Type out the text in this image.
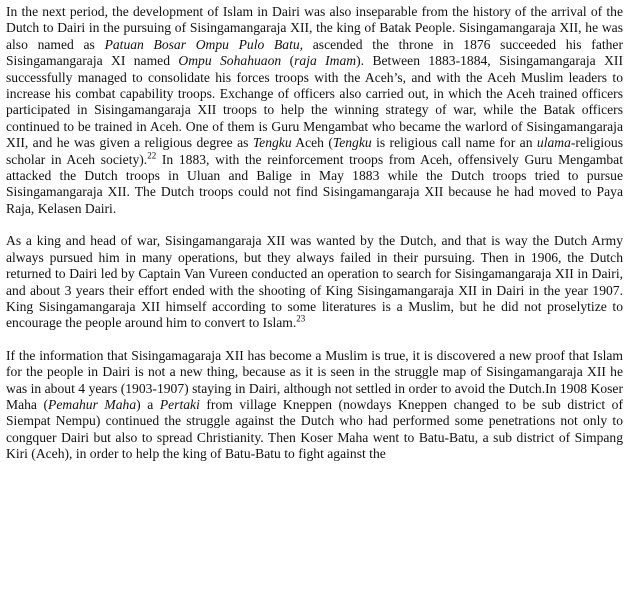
In the next period, the development of Islam in Dairi was also inseparable from the history of the arrival of the Dutch to Dairi in the pursuing of Sisingamangaraja XII, the king of Batak People. Sisingamangaraja XII, he was also named as Patuan Bosar Ompu Pulo Batu, ascended the throne in 1876 succeeded his father Sisingamangaraja XI named Ompu Sohahuaon (raja Imam). Between 1883-1884, Sisingamangaraja XII successfully managed to consolidate his forces troops with the Aceh’s, and with the Aceh Muslim leaders to increase his combat capability troops. Exchange of officers also carried out, in which the Aceh trained officers participated in Sisingamangaraja XII troops to help the winning strategy of war, while the Batak officers continued to be trained in Aceh. One of them is Guru Mengambat who became the warlord of Sisingamangaraja XII, and he was given a religious degree as Tengku Aceh (Tengku is religious call name for an ulama-religious scholar in Aceh society).$^{22}$ In 1883, with the reinforcement troops from Aceh, offensively Guru Mengambat attacked the Dutch troops in Uluan and Balige in May 1883 while the Dutch troops tried to pursue Sisingamangaraja XII. The Dutch troops could not find Sisingamangaraja XII because he had moved to Paya Raja, Kelasen Dairi.

As a king and head of war, Sisingamangaraja XII was wanted by the Dutch, and that is way the Dutch Army always pursued him in many operations, but they always failed in their pursuing. Then in 1906, the Dutch returned to Dairi led by Captain Van Vureen conducted an operation to search for Sisingamangaraja XII in Dairi, and about 3 years their effort ended with the shooting of King Sisingamangaraja XII in Dairi in the year 1907. King Sisingamangaraja XII himself according to some literatures is a Muslim, but he did not proselytize to encourage the people around him to convert to Islam.$^{23}$

If the information that Sisingamagaraja XII has become a Muslim is true, it is discovered a new proof that Islam for the people in Dairi is not a new thing, because as it is seen in the struggle map of Sisingamangaraja XII he was in about 4 years (1903-1907) staying in Dairi, although not settled in order to avoid the Dutch.In 1908 Koser Maha (Pemahur Maha) a Pertaki from village Kneppen (nowdays Kneppen changed to be sub district of Siempat Nempu) continued the struggle against the Dutch who had performed some penetrations not only to congquer Dairi but also to spread Christianity. Then Koser Maha went to Batu-Batu, a sub district of Simpang Kiri (Aceh), in order to help the king of Batu-Batu to fight against the
